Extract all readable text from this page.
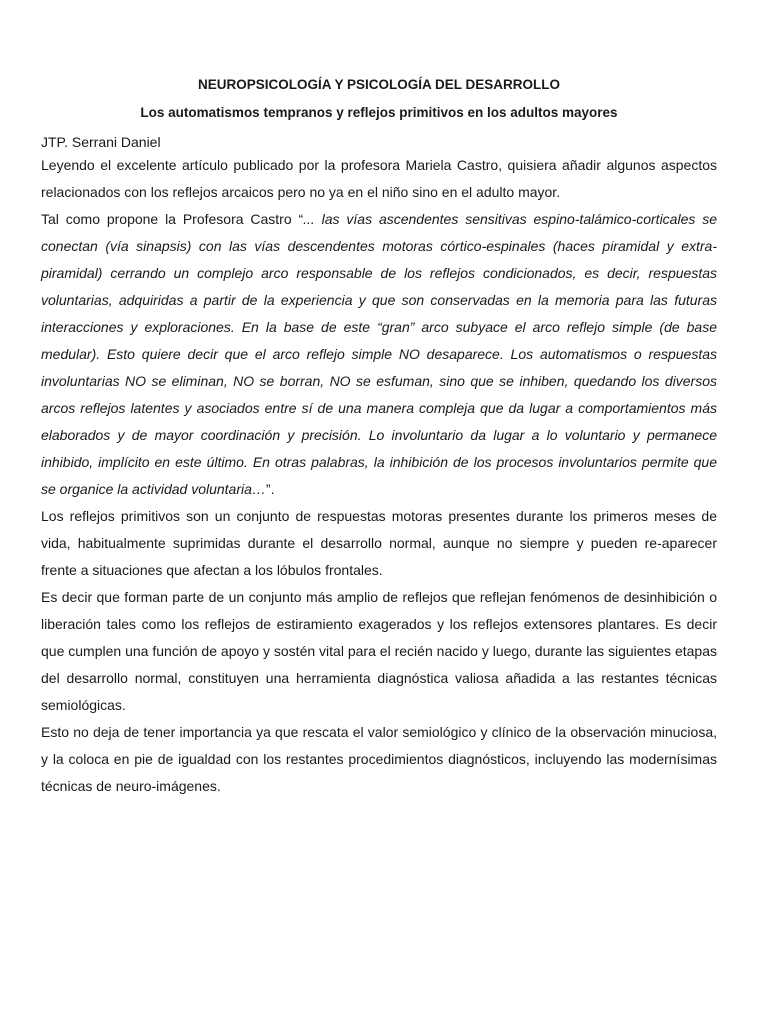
NEUROPSICOLOGÍA Y PSICOLOGÍA DEL DESARROLLO
Los automatismos tempranos y reflejos primitivos en los adultos mayores
JTP. Serrani Daniel

Leyendo el excelente artículo publicado por la profesora Mariela Castro, quisiera añadir algunos aspectos relacionados con los reflejos arcaicos pero no ya en el niño sino en el adulto mayor.

Tal como propone la Profesora Castro “... las vías ascendentes sensitivas espino-talámico-corticales se conectan (vía sinapsis) con las vías descendentes motoras córtico-espinales (haces piramidal y extra-piramidal) cerrando un complejo arco responsable de los reflejos condicionados, es decir, respuestas voluntarias, adquiridas a partir de la experiencia y que son conservadas en la memoria para las futuras interacciones y exploraciones. En la base de este “gran” arco subyace el arco reflejo simple (de base medular). Esto quiere decir que el arco reflejo simple NO desaparece. Los automatismos o respuestas involuntarias NO se eliminan, NO se borran, NO se esfuman, sino que se inhiben, quedando los diversos arcos reflejos latentes y asociados entre sí de una manera compleja que da lugar a comportamientos más elaborados y de mayor coordinación y precisión. Lo involuntario da lugar a lo voluntario y permanece inhibido, implícito en este último. En otras palabras, la inhibición de los procesos involuntarios permite que se organice la actividad voluntaria…”.

Los reflejos primitivos son un conjunto de respuestas motoras presentes durante los primeros meses de vida, habitualmente suprimidas durante el desarrollo normal, aunque no siempre y pueden re-aparecer frente a situaciones que afectan a los lóbulos frontales.

Es decir que forman parte de un conjunto más amplio de reflejos que reflejan fenómenos de desinhibición o liberación tales como los reflejos de estiramiento exagerados y los reflejos extensores plantares. Es decir que cumplen una función de apoyo y sostén vital para el recién nacido y luego, durante las siguientes etapas del desarrollo normal, constituyen una herramienta diagnóstica valiosa añadida a las restantes técnicas semiológicas.

Esto no deja de tener importancia ya que rescata el valor semiológico y clínico de la observación minuciosa, y la coloca en pie de igualdad con los restantes procedimientos diagnósticos, incluyendo las modernísimas técnicas de neuro-imágenes.
